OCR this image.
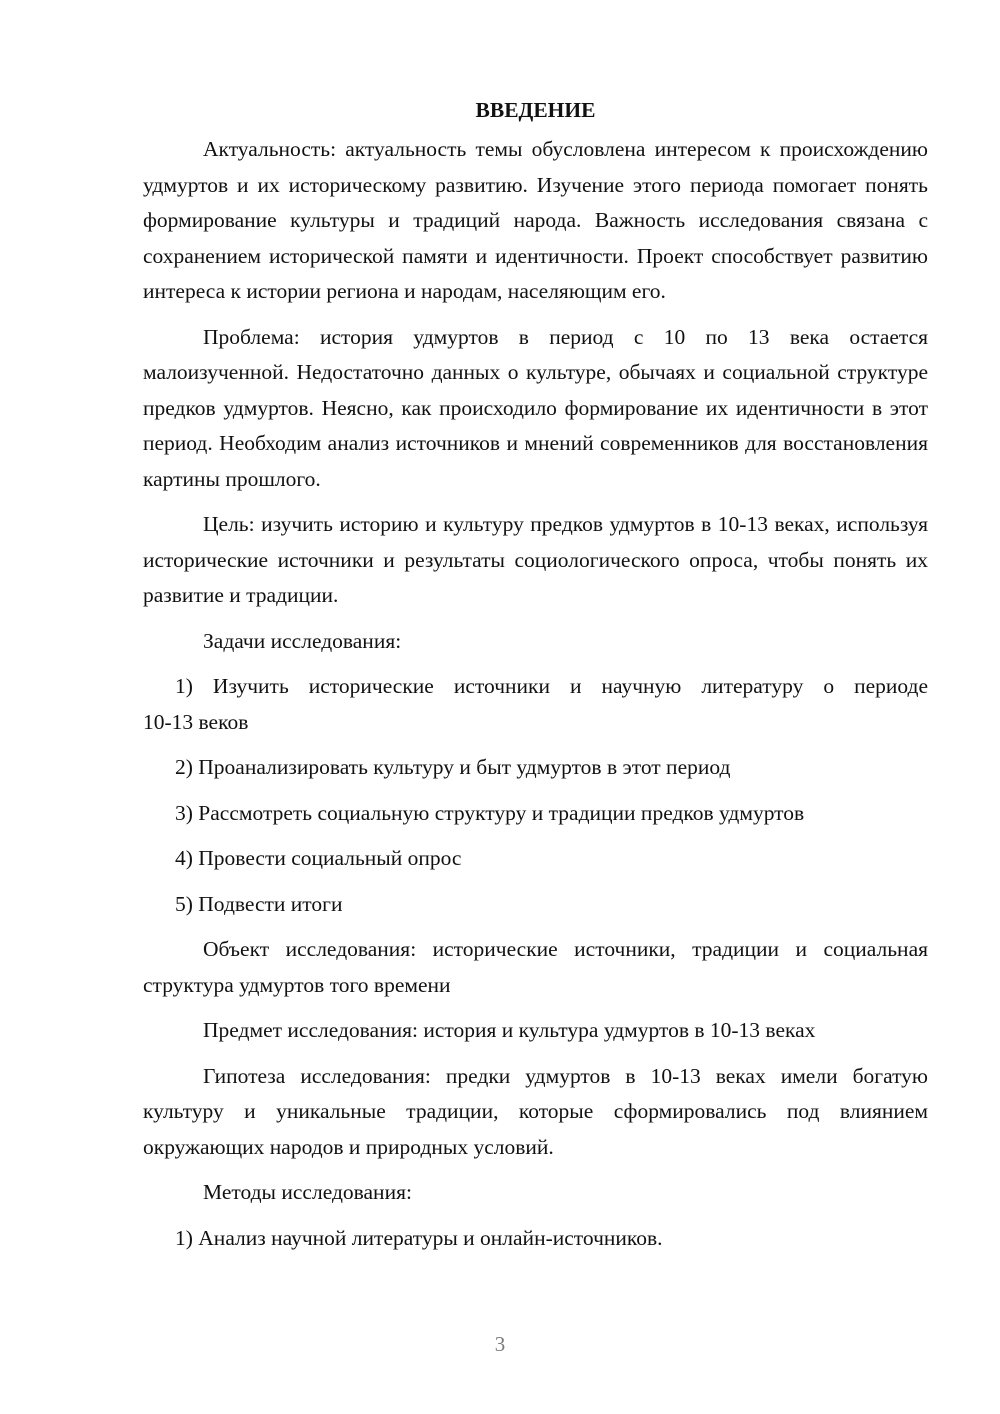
ВВЕДЕНИЕ

Актуальность: актуальность темы обусловлена интересом к происхождению удмуртов и их историческому развитию. Изучение этого периода помогает понять формирование культуры и традиций народа. Важность исследования связана с сохранением исторической памяти и идентичности. Проект способствует развитию интереса к истории региона и народам, населяющим его.

Проблема: история удмуртов в период с 10 по 13 века остается малоизученной. Недостаточно данных о культуре, обычаях и социальной структуре предков удмуртов. Неясно, как происходило формирование их идентичности в этот период. Необходим анализ источников и мнений современников для восстановления картины прошлого.

Цель: изучить историю и культуру предков удмуртов в 10-13 веках, используя исторические источники и результаты социологического опроса, чтобы понять их развитие и традиции.

Задачи исследования:

1) Изучить исторические источники и научную литературу о периоде
10-13 веков
2) Проанализировать культуру и быт удмуртов в этот период
3) Рассмотреть социальную структуру и традиции предков удмуртов
4) Провести социальный опрос
5) Подвести итоги

Объект исследования: исторические источники, традиции и социальная структура удмуртов того времени

Предмет исследования: история и культура удмуртов в 10-13 веках

Гипотеза исследования: предки удмуртов в 10-13 веках имели богатую культуру и уникальные традиции, которые сформировались под влиянием окружающих народов и природных условий.

Методы исследования:

1) Анализ научной литературы и онлайн-источников.
3
